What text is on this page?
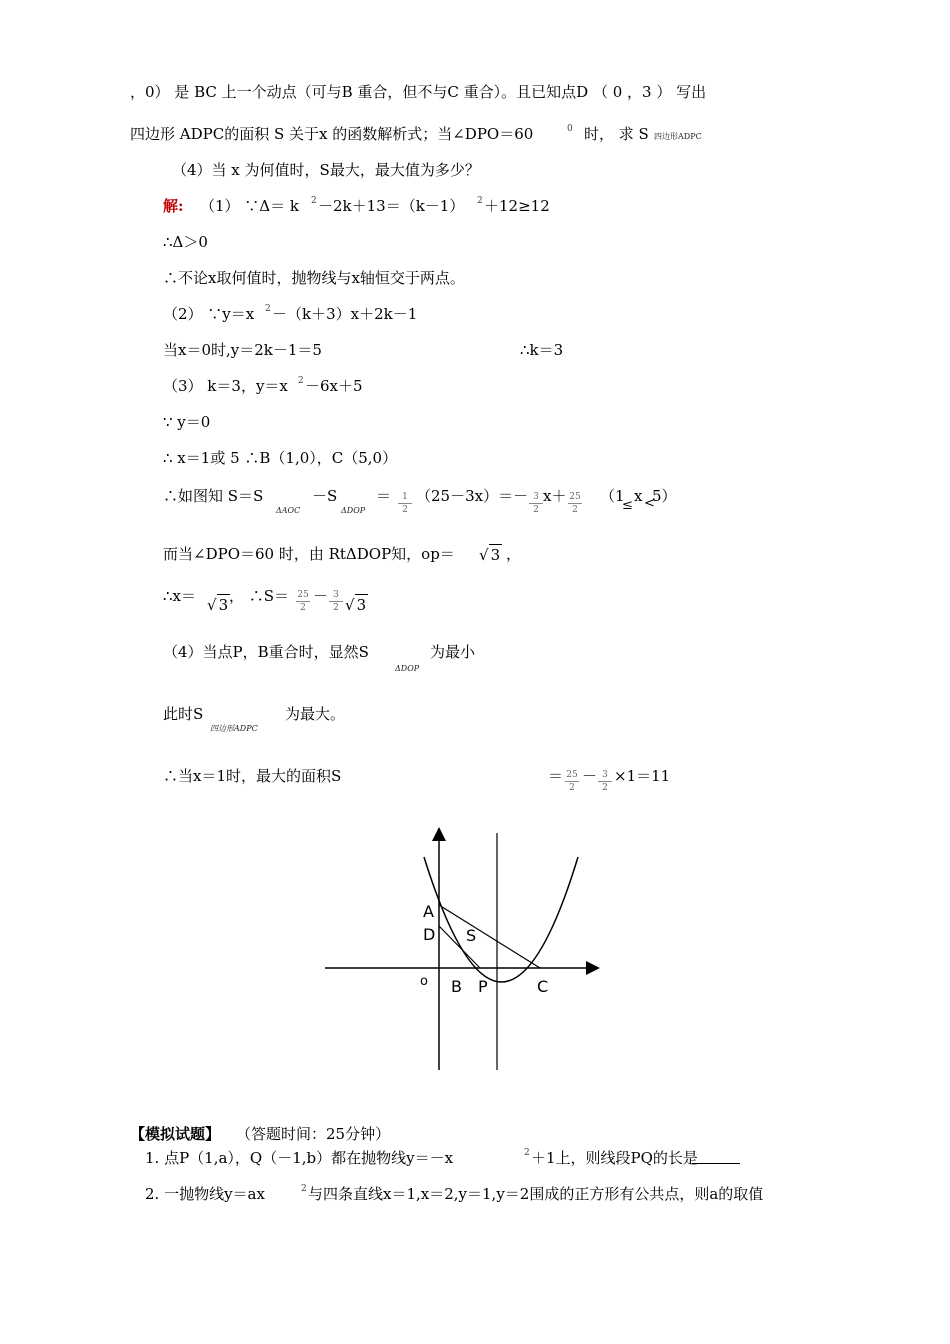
，0） 是 BC 上一个动点（可与B 重合，但不与C 重合）。且已知点D （ 0 ，3 ） 写出
四边形 ADPC的面积 S 关于x 的函数解析式；当∠DPO＝60	0 时， 求 S 四边形ADPC
（4）当 x 为何值时，S最大，最大值为多少？
解: （1） ∵Δ＝ k 2 －2k＋13＝（k－1） 2 ＋12≥12
∴Δ＞0
∴不论x取何值时，抛物线与x轴恒交于两点。
（2） ∵y＝x 2 －（k＋3）x＋2k－1
当x＝0时,y＝2k－1＝5	∴k＝3
（3） k＝3，y＝x 2 －6x＋5
∵ y＝0
∴ x＝1或 5 ∴B（1,0），C（5,0）
∴如图知 S＝S
ΔAOC
－S
ΔDOP
＝	1
2
（25－3x）＝－ 3
2
x＋ 25
2
（1
≤
x <
5）
而当∠DPO＝60 时，由 RtΔDOP知，op＝ √ 3 ，
∴x＝ √ 3 ， ∴S＝ 25
2
－ 3
2 √ 3
（4）当点P，B重合时，显然S
ΔDOP
为最小
此时S
四边形ADPC
为最大。
∴当x＝1时，最大的面积S	＝ 25
2
－ 3
2
×1＝11
A
D S
o B P	C
【模拟试题】 （答题时间：25分钟）
1. 点P（1,a），Q（－1,b）都在抛物线y＝－x	2 ＋1上，则线段PQ的长是
2. 一抛物线y＝ax	2 与四条直线x＝1,x＝2,y＝1,y＝2围成的正方形有公共点，则a的取值
